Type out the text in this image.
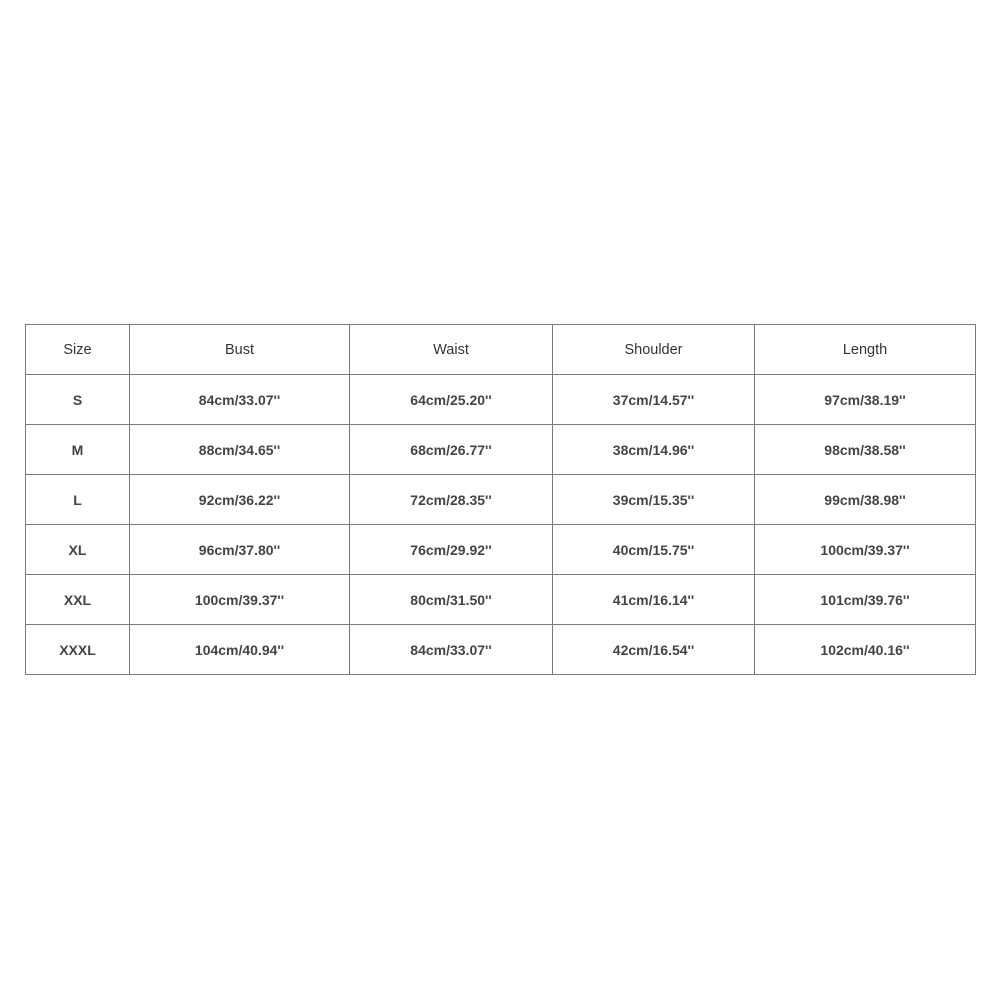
Size	Bust	Waist	Shoulder	Length
S	84cm/33.07''	64cm/25.20''	37cm/14.57''	97cm/38.19''
M	88cm/34.65''	68cm/26.77''	38cm/14.96''	98cm/38.58''
L	92cm/36.22''	72cm/28.35''	39cm/15.35''	99cm/38.98''
XL	96cm/37.80''	76cm/29.92''	40cm/15.75''	100cm/39.37''
XXL	100cm/39.37''	80cm/31.50''	41cm/16.14''	101cm/39.76''
XXXL	104cm/40.94''	84cm/33.07''	42cm/16.54''	102cm/40.16''
